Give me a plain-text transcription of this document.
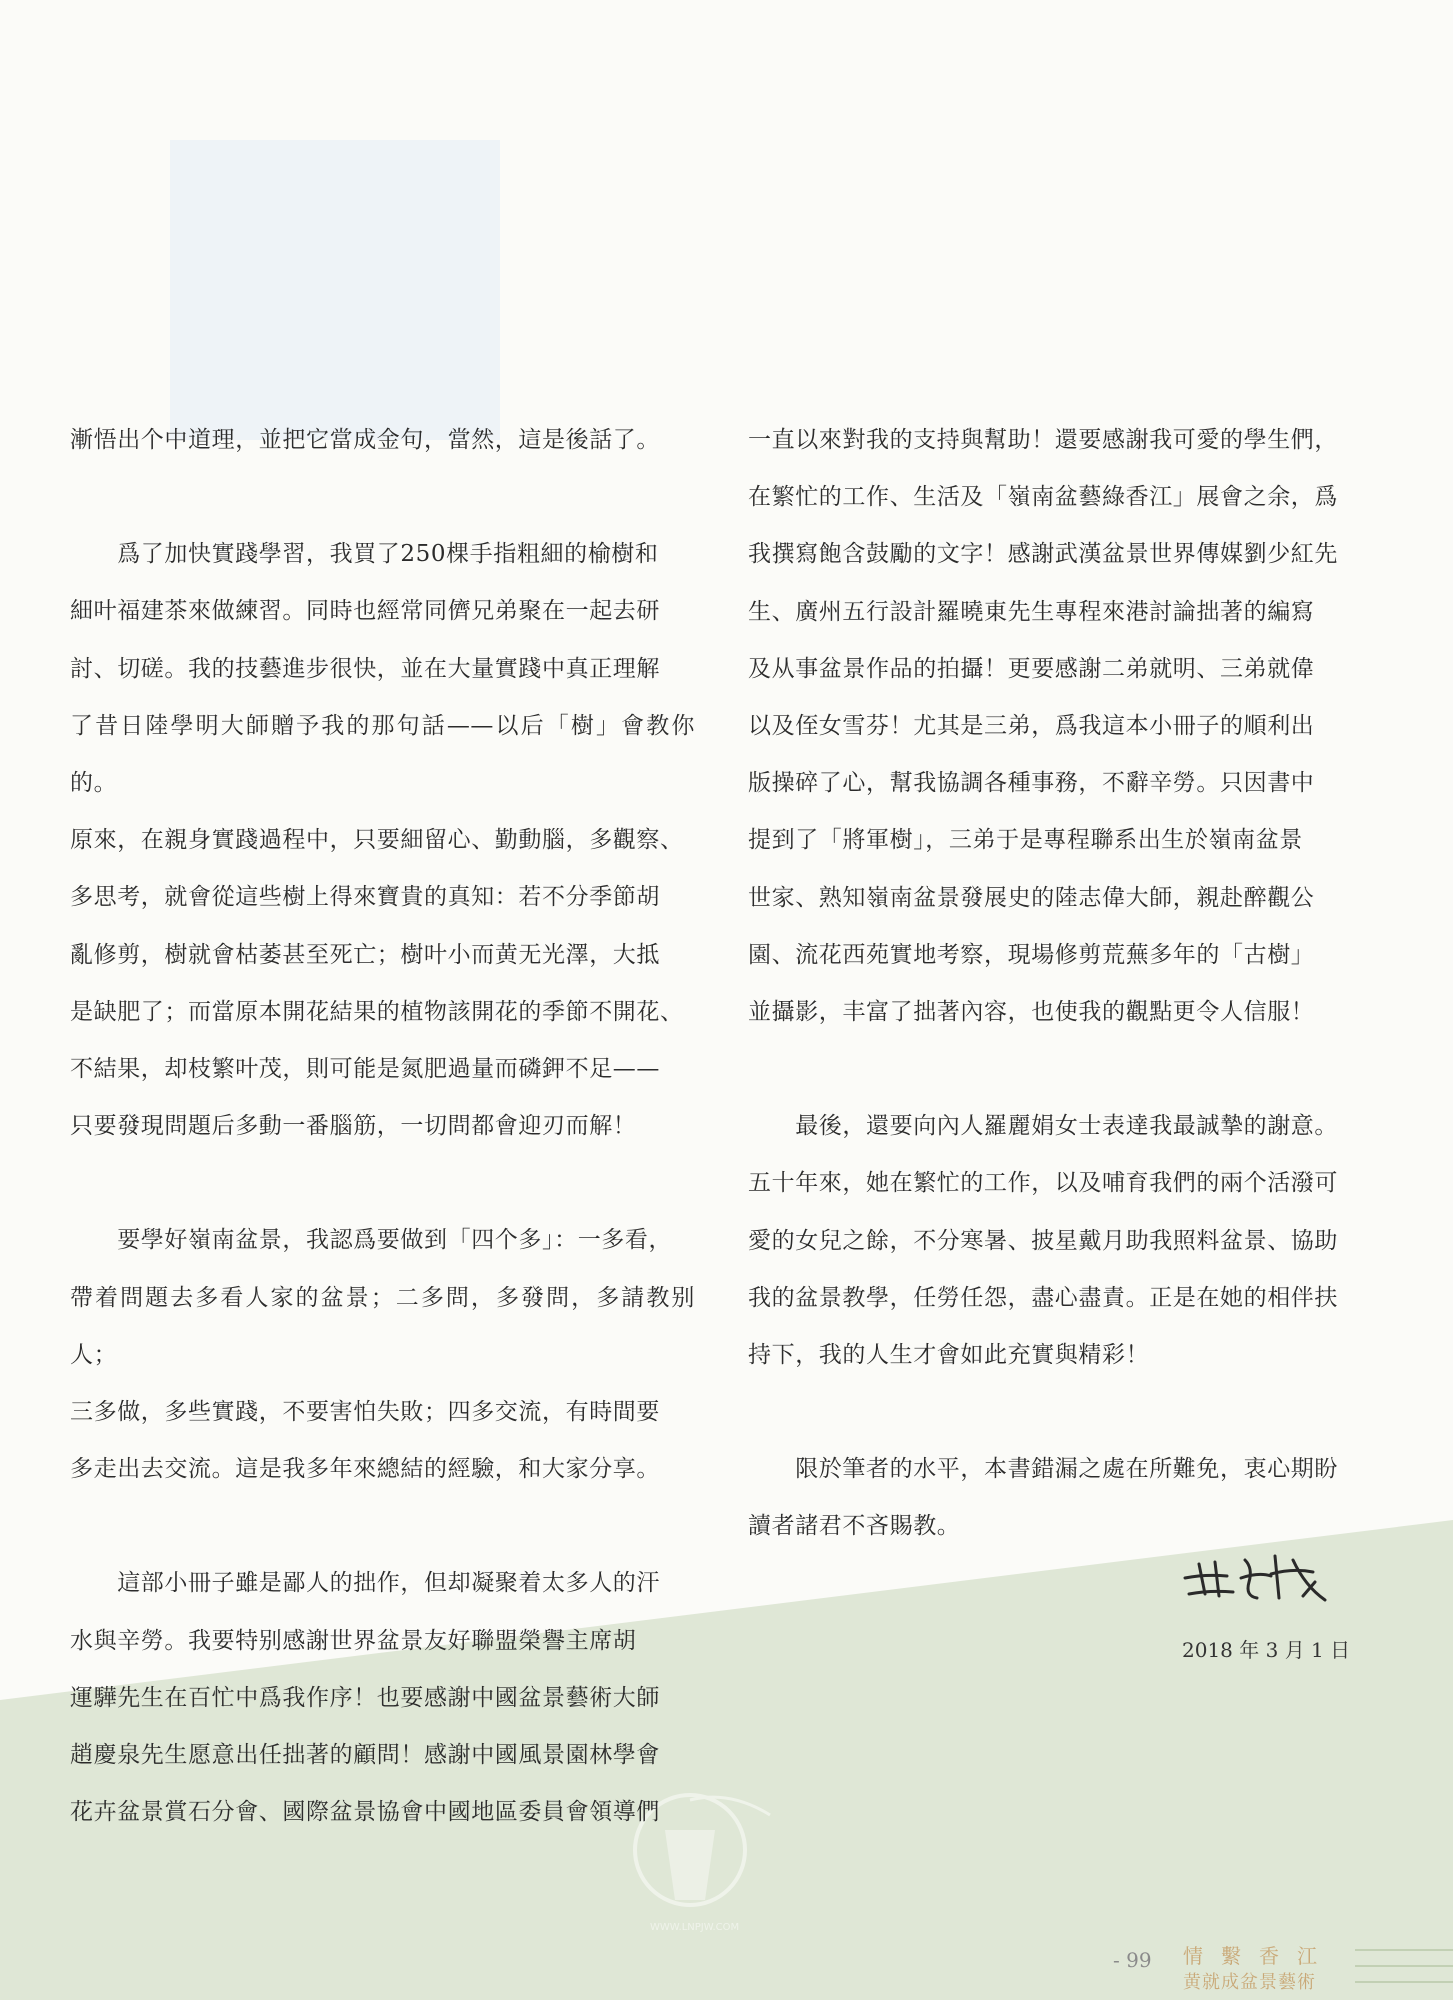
漸悟出个中道理，並把它當成金句，當然，這是後話了。

　　爲了加快實踐學習，我買了250棵手指粗細的榆樹和
細叶福建茶來做練習。同時也經常同儕兄弟聚在一起去研
討、切磋。我的技藝進步很快，並在大量實踐中真正理解
了昔日陸學明大師贈予我的那句話——以后「樹」會教你的。
原來，在親身實踐過程中，只要細留心、勤動腦，多觀察、
多思考，就會從這些樹上得來寶貴的真知：若不分季節胡
亂修剪，樹就會枯萎甚至死亡；樹叶小而黄无光澤，大抵
是缺肥了；而當原本開花結果的植物該開花的季節不開花、
不結果，却枝繁叶茂，則可能是氮肥過量而磷鉀不足——
只要發現問題后多動一番腦筋，一切問都會迎刃而解！

　　要學好嶺南盆景，我認爲要做到「四个多」：一多看，
帶着問題去多看人家的盆景；二多問，多發問，多請教别人；
三多做，多些實踐，不要害怕失敗；四多交流，有時間要
多走出去交流。這是我多年來總結的經驗，和大家分享。

　　這部小冊子雖是鄙人的拙作，但却凝聚着太多人的汗
水與辛勞。我要特别感謝世界盆景友好聯盟榮譽主席胡
運驊先生在百忙中爲我作序！也要感謝中國盆景藝術大師
趙慶泉先生愿意出任拙著的顧問！感謝中國風景園林學會
花卉盆景賞石分會、國際盆景協會中國地區委員會領導們

一直以來對我的支持與幫助！還要感謝我可愛的學生們，
在繁忙的工作、生活及「嶺南盆藝綠香江」展會之余，爲
我撰寫飽含鼓勵的文字！感謝武漢盆景世界傳媒劉少紅先
生、廣州五行設計羅曉東先生專程來港討論拙著的編寫
及从事盆景作品的拍攝！更要感謝二弟就明、三弟就偉
以及侄女雪芬！尤其是三弟，爲我這本小冊子的順利出
版操碎了心，幫我協調各種事務，不辭辛勞。只因書中
提到了「將軍樹」，三弟于是專程聯系出生於嶺南盆景
世家、熟知嶺南盆景發展史的陸志偉大師，親赴醉觀公
園、流花西苑實地考察，現場修剪荒蕪多年的「古樹」
並攝影，丰富了拙著內容，也使我的觀點更令人信服！

　　最後，還要向內人羅麗娟女士表達我最誠摯的謝意。
五十年來，她在繁忙的工作，以及哺育我們的兩个活潑可
愛的女兒之餘，不分寒暑、披星戴月助我照料盆景、協助
我的盆景教學，任勞任怨，盡心盡責。正是在她的相伴扶
持下，我的人生才會如此充實與精彩！

　　限於筆者的水平，本書錯漏之處在所難免，衷心期盼
讀者諸君不吝賜教。

2018 年 3 月 1 日
WWW.LNPJW.COM
- 99 情繫香江
黄就成盆景藝術
